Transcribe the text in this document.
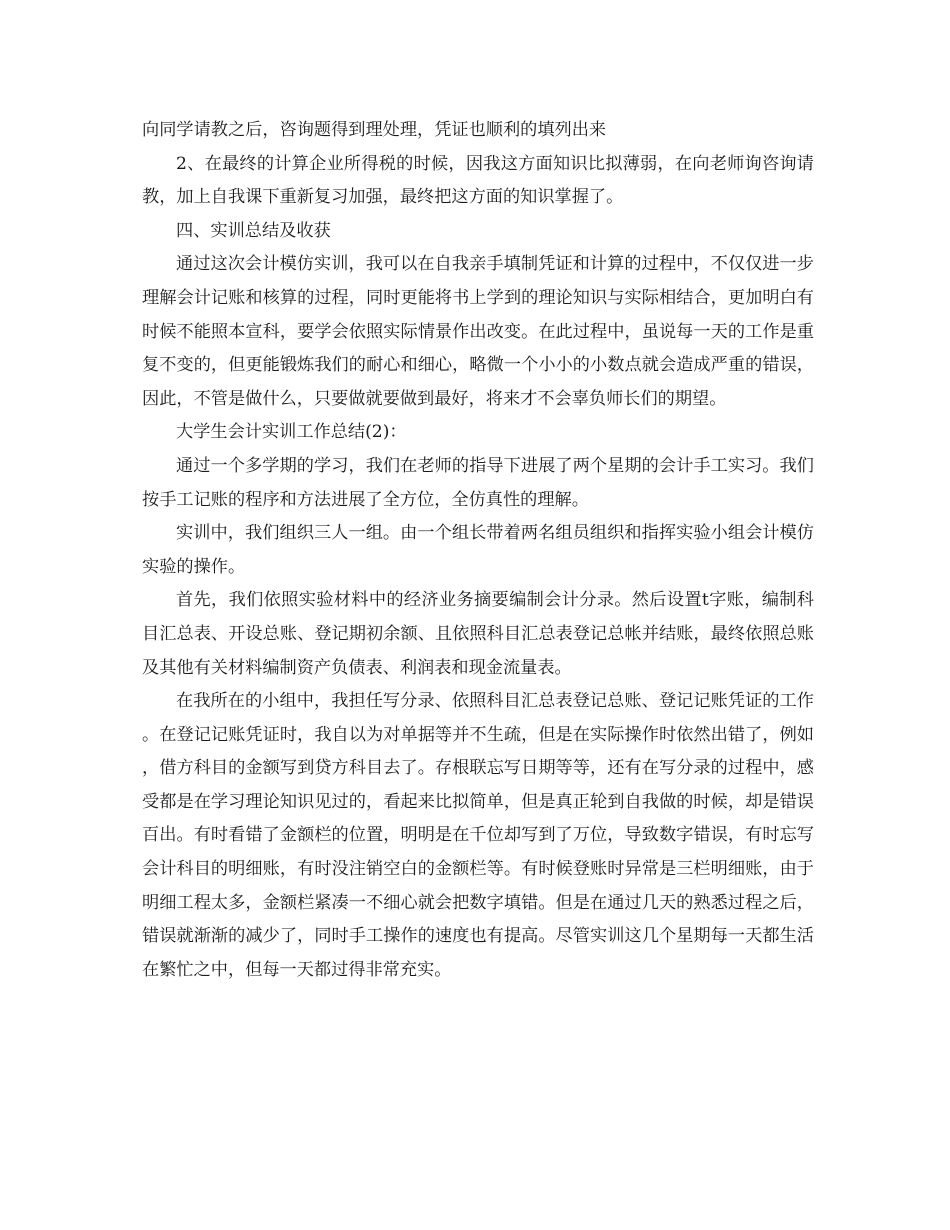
向同学请教之后，咨询题得到理处理，凭证也顺利的填列出来

2、在最终的计算企业所得税的时候，因我这方面知识比拟薄弱，在向老师询咨询请教，加上自我课下重新复习加强，最终把这方面的知识掌握了。

四、实训总结及收获

通过这次会计模仿实训，我可以在自我亲手填制凭证和计算的过程中，不仅仅进一步理解会计记账和核算的过程，同时更能将书上学到的理论知识与实际相结合，更加明白有时候不能照本宣科，要学会依照实际情景作出改变。在此过程中，虽说每一天的工作是重复不变的，但更能锻炼我们的耐心和细心，略微一个小小的小数点就会造成严重的错误，因此，不管是做什么，只要做就要做到最好，将来才不会辜负师长们的期望。

大学生会计实训工作总结(2)：

通过一个多学期的学习，我们在老师的指导下进展了两个星期的会计手工实习。我们按手工记账的程序和方法进展了全方位，全仿真性的理解。

实训中，我们组织三人一组。由一个组长带着两名组员组织和指挥实验小组会计模仿实验的操作。

首先，我们依照实验材料中的经济业务摘要编制会计分录。然后设置t字账，编制科目汇总表、开设总账、登记期初余额、且依照科目汇总表登记总帐并结账，最终依照总账及其他有关材料编制资产负债表、利润表和现金流量表。

在我所在的小组中，我担任写分录、依照科目汇总表登记总账、登记记账凭证的工作。在登记记账凭证时，我自以为对单据等并不生疏，但是在实际操作时依然出错了，例如，借方科目的金额写到贷方科目去了。存根联忘写日期等等，还有在写分录的过程中，感受都是在学习理论知识见过的，看起来比拟简单，但是真正轮到自我做的时候，却是错误百出。有时看错了金额栏的位置，明明是在千位却写到了万位，导致数字错误，有时忘写会计科目的明细账，有时没注销空白的金额栏等。有时候登账时异常是三栏明细账，由于明细工程太多，金额栏紧凑一不细心就会把数字填错。但是在通过几天的熟悉过程之后，错误就渐渐的减少了，同时手工操作的速度也有提高。尽管实训这几个星期每一天都生活在繁忙之中，但每一天都过得非常充实。
